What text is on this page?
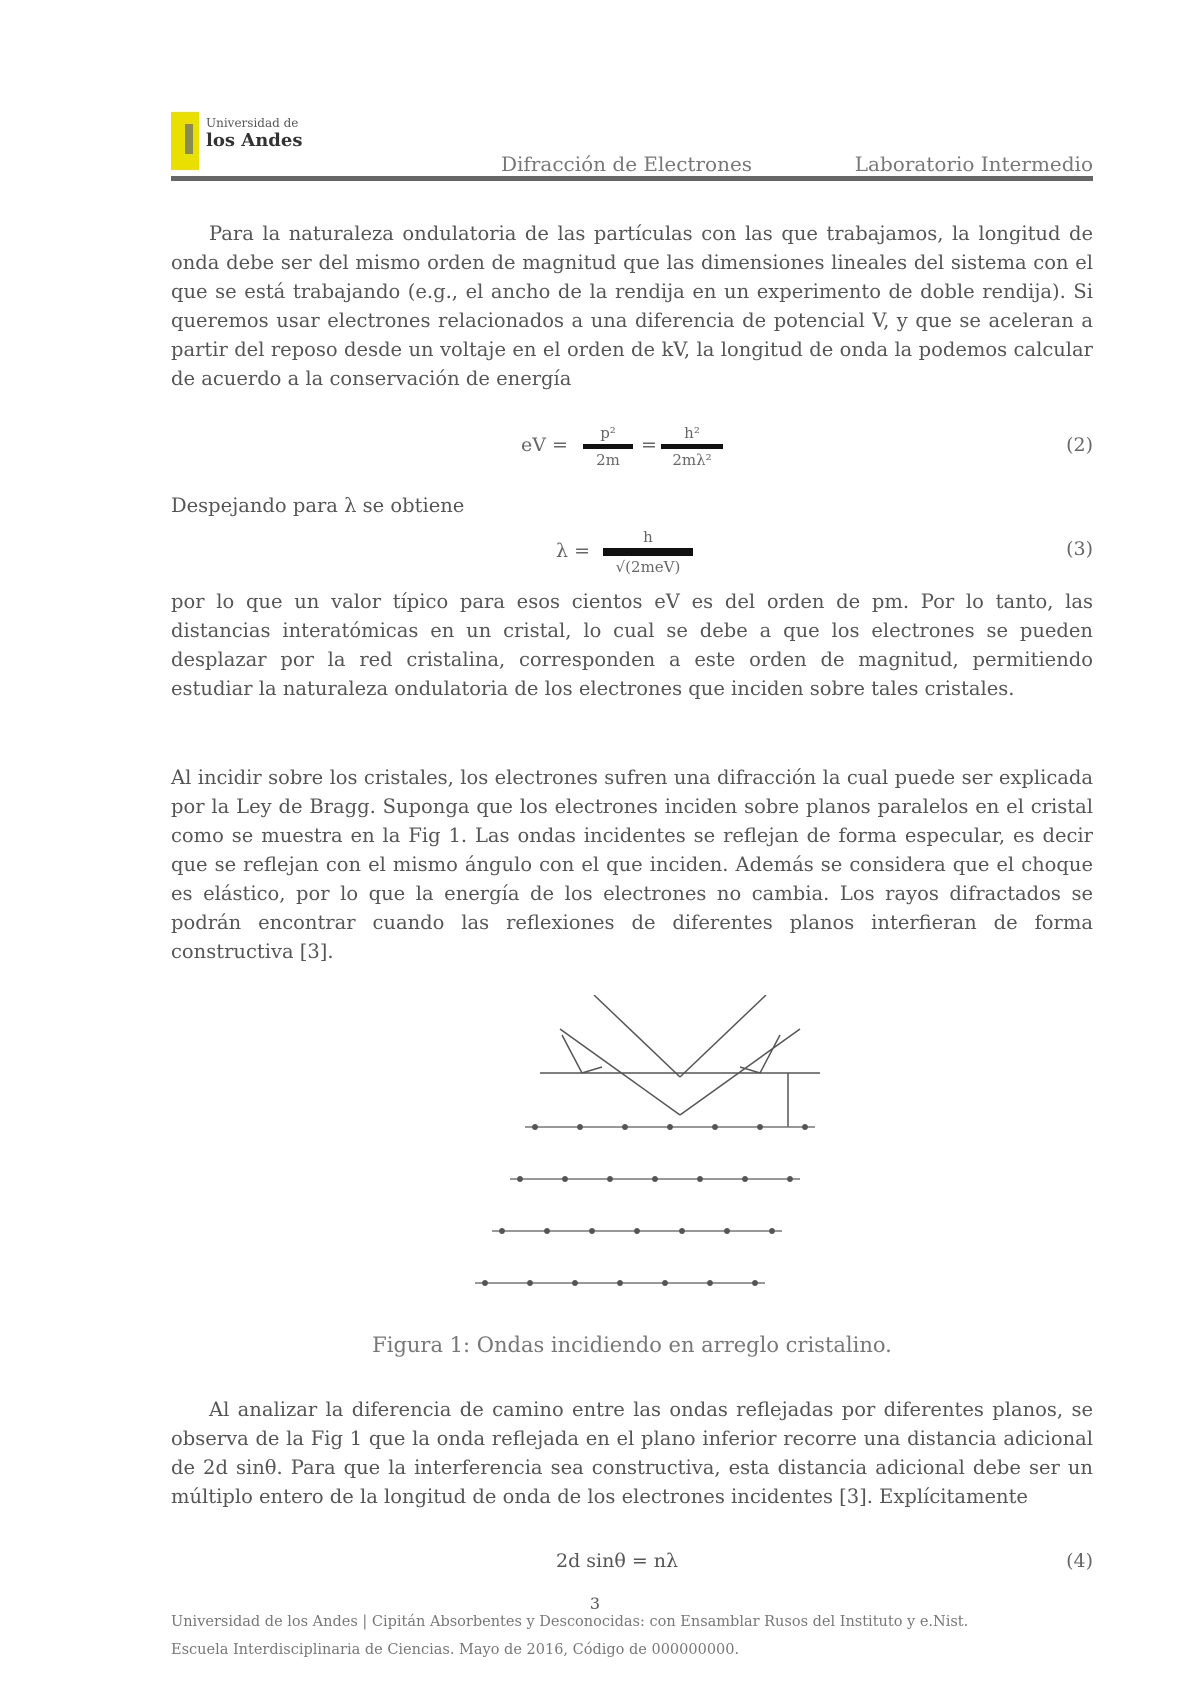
Universidad de
los Andes
Difracción de Electrones	Laboratorio Intermedio
Para la naturaleza ondulatoria de las partículas con las que trabajamos, la longitud de onda debe ser del mismo orden de magnitud que las dimensiones lineales del sistema con el que se está trabajando (e.g., el ancho de la rendija en un experimento de doble rendija). Si queremos usar electrones relacionados a una diferencia de potencial V, y que se aceleran a partir del reposo desde un voltaje en el orden de kV, la longitud de onda la podemos calcular de acuerdo a la conservación de energía
eV =
p²
2m
=
h²
2mλ²
(2)
Despejando para λ se obtiene
λ =
h
√(2meV)
(3)
por lo que un valor típico para esos cientos eV es del orden de pm. Por lo tanto, las distancias interatómicas en un cristal, lo cual se debe a que los electrones se pueden desplazar por la red cristalina, corresponden a este orden de magnitud, permitiendo estudiar la naturaleza ondulatoria de los electrones que inciden sobre tales cristales.
Al incidir sobre los cristales, los electrones sufren una difracción la cual puede ser explicada por la Ley de Bragg. Suponga que los electrones inciden sobre planos paralelos en el cristal como se muestra en la Fig 1. Las ondas incidentes se reflejan de forma especular, es decir que se reflejan con el mismo ángulo con el que inciden. Además se considera que el choque es elástico, por lo que la energía de los electrones no cambia. Los rayos difractados se podrán encontrar cuando las reflexiones de diferentes planos interfieran de forma constructiva [3].
Figura 1: Ondas incidiendo en arreglo cristalino.
Al analizar la diferencia de camino entre las ondas reflejadas por diferentes planos, se observa de la Fig 1 que la onda reflejada en el plano inferior recorre una distancia adicional de 2d sinθ. Para que la interferencia sea constructiva, esta distancia adicional debe ser un múltiplo entero de la longitud de onda de los electrones incidentes [3]. Explícitamente
2d sinθ = nλ	(4)
3
Universidad de los Andes | Cipitán Absorbentes y Desconocidas: con Ensamblar Rusos del Instituto y e.Nist.
Escuela Interdisciplinaria de Ciencias. Mayo de 2016, Código de 000000000.
